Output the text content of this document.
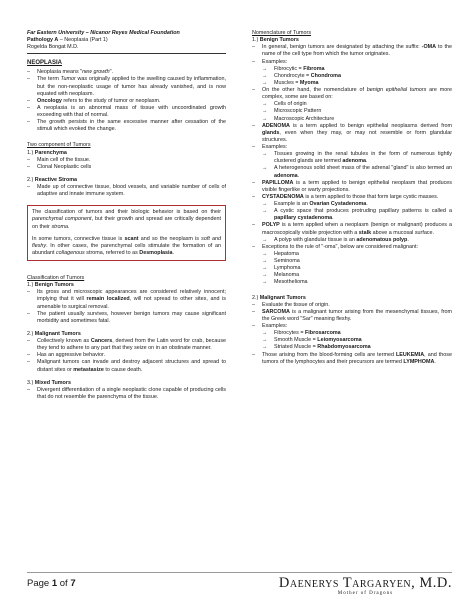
Far Eastern University – Nicanor Reyes Medical Foundation
Pathology A – Neoplasia (Part 1)
Rogelda Bongat M.D.
NEOPLASIA
–	Neoplasia means "new growth".
–	The term Tumor was originally applied to the swelling caused by inflammation, but the non-neoplastic usage of tumor has already vanished, and is now equated with neoplasm.
–	Oncology refers to the study of tumor or neoplasm.
–	A neoplasia is an abnormal mass of tissue with uncoordinated growth exceeding with that of normal.
–	The growth persists in the same excessive manner after cessation of the stimuli which evoked the change.
Two component of Tumors
1.) Parenchyma
–	Main cell of the tissue.
–	Clonal Neoplastic cells
2.) Reactive Stroma
–	Made up of connective tissue, blood vessels, and variable number of cells of adaptive and innate immune system.

The classification of tumors and their biologic behavior is based on their parenchymal component, but their growth and spread are critically dependent on their stroma.

In some tumors, connective tissue is scant and so the neoplasm is soft and fleshy. In other cases, the parenchymal cells stimulate the formation of an abundant collagenous stroma, referred to as Desmoplasia.

Classification of Tumors
1.) Benign Tumors
–	Its gross and microscopic appearances are considered relatively innocent; implying that it will remain localized, will not spread to other sites, and is amenable to surgical removal.
–	The patient usually survives, however benign tumors may cause significant morbidity and sometimes fatal.
2.) Malignant Tumors
–	Collectively known as Cancers, derived from the Latin word for crab, because they tend to adhere to any part that they seize on in an obstinate manner.
–	Has an aggressive behavior.
–	Malignant tumors can invade and destroy adjacent structures and spread to distant sites or metastasize to cause death.
3.) Mixed Tumors
–	Divergent differentiation of a single neoplastic clone capable of producing cells that do not resemble the parenchyma of the tissue.
Nomenclature of Tumors
1.) Benign Tumors
–	In general, benign tumors are designated by attaching the suffix: -OMA to the name of the cell type from which the tumor originates.
–	Examples:
→	Fibrocytic = Fibroma
→	Chondrocyte = Chondroma
→	Muscles = Myoma
–	On the other hand, the nomenclature of benign epithelial tumors are more complex, some are based on:
→	Cells of origin
→	Microscopic Pattern
→	Macroscopic Architecture
–	ADENOMA is a term applied to benign epithelial neoplasms derived from glands, even when they may, or may not resemble or form glandular structures.
–	Examples:
→	Tissues growing in the renal tubules in the form of numerous tightly clustered glands are termed adenoma.
→	A heterogenous solid sheet mass of the adrenal "gland" is also termed an adenoma.
–	PAPILLOMA is a term applied to benign epithelial neoplasm that produces visible fingerlike or warty projections.
–	CYSTADENOMA is a term applied to those that form large cystic masses.
→	Example is an Ovarian Cystadenoma.
→	A cystic space that produces protruding papillary patterns is called a papillary cystadenoma.
–	POLYP is a term applied when a neoplasm (benign or malignant) produces a macroscopically visible projection with a stalk above a mucosal surface.
→	A polyp with glandular tissue is an adenomatous polyp.
–	Exceptions to the rule of "-oma", below are considered malignant:
→	Hepatoma
→	Seminoma
→	Lymphoma
→	Melanoma
→	Mesothelioma
2.) Malignant Tumors
–	Evaluate the tissue of origin.
–	SARCOMA is a malignant tumor arising from the mesenchymal tissues, from the Greek word "Sar" meaning fleshy.
–	Examples:
→	Fibrocytes = Fibrosarcoma
→	Smooth Muscle = Leiomyosarcoma
→	Striated Muscle = Rhabdomyosarcoma
–	Those arising from the blood-forming cells are termed LEUKEMIA, and those tumors of the lymphocytes and their precursors are termed LYMPHOMA.
Page 1 of 7	Daenerys Targaryen, M.D.
Mother of Dragons
